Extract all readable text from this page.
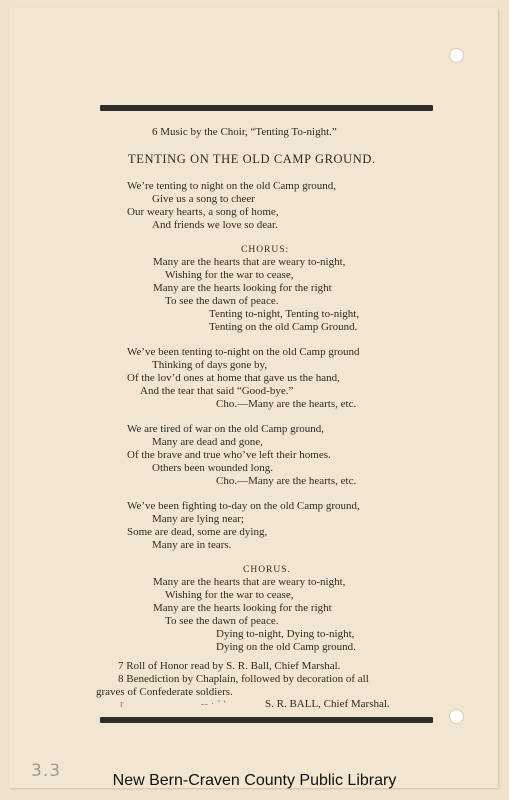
6 Music by the Choir, “Tenting To-night.”
TENTING ON THE OLD CAMP GROUND.
We’re tenting to night on the old Camp ground,
Give us a song to cheer
Our weary hearts, a song of home,
And friends we love so dear.
CHORUS:
Many are the hearts that are weary to-night,
Wishing for the war to cease,
Many are the hearts looking for the right
To see the dawn of peace.
Tenting to-night, Tenting to-night,
Tenting on the old Camp Ground.
We’ve been tenting to-night on the old Camp ground
Thinking of days gone by,
Of the lov’d ones at home that gave us the hand,
And the tear that said “Good-bye.”
Cho.—Many are the hearts, etc.
We are tired of war on the old Camp ground,
Many are dead and gone,
Of the brave and true who’ve left their homes.
Others been wounded long.
Cho.—Many are the hearts, etc.
We’ve been fighting to-day on the old Camp ground,
Many are lying near;
Some are dead, some are dying,
Many are in tears.
CHORUS.
Many are the hearts that are weary to-night,
Wishing for the war to cease,
Many are the hearts looking for the right
To see the dawn of peace.
Dying to-night, Dying to-night,
Dying on the old Camp ground.
7 Roll of Honor read by S. R. Ball, Chief Marshal.
8 Benediction by Chaplain, followed by decoration of all
graves of Confederate soldiers.
r                            -- · ’ ‘	S. R. BALL, Chief Marshal.
3.3	New Bern-Craven County Public Library
